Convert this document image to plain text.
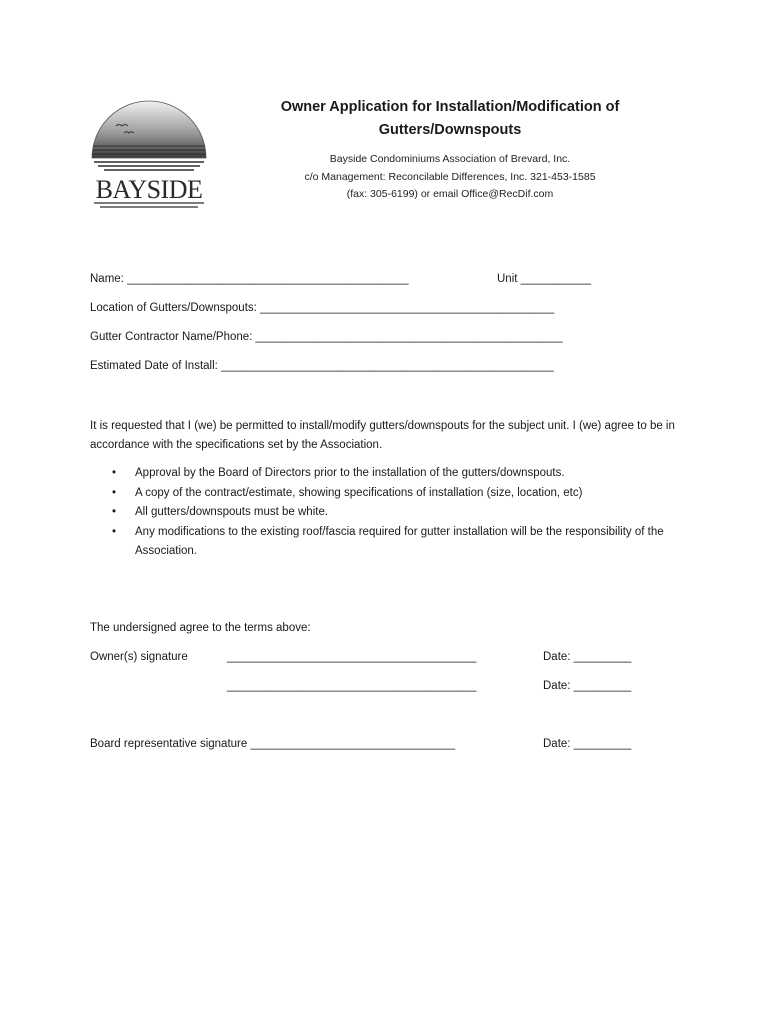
BAYSIDE
Owner Application for Installation/Modification of
Gutters/Downspouts
Bayside Condominiums Association of Brevard, Inc.
c/o Management: Reconcilable Differences, Inc. 321-453-1585
(fax: 305-6199) or email Office@RecDif.com
Name: ____________________________________________	Unit ___________
Location of Gutters/Downspouts: ______________________________________________
Gutter Contractor Name/Phone: ________________________________________________
Estimated Date of Install: ____________________________________________________
It is requested that I (we) be permitted to install/modify gutters/downspouts for the subject unit. I (we) agree to be in accordance with the specifications set by the Association.
• Approval by the Board of Directors prior to the installation of the gutters/downspouts.
• A copy of the contract/estimate, showing specifications of installation (size, location, etc)
• All gutters/downspouts must be white.
• Any modifications to the existing roof/fascia required for gutter installation will be the responsibility of the Association.
The undersigned agree to the terms above:
Owner(s) signature	_______________________________________	Date: _________
_______________________________________	Date: _________
Board representative signature ________________________________	Date: _________
